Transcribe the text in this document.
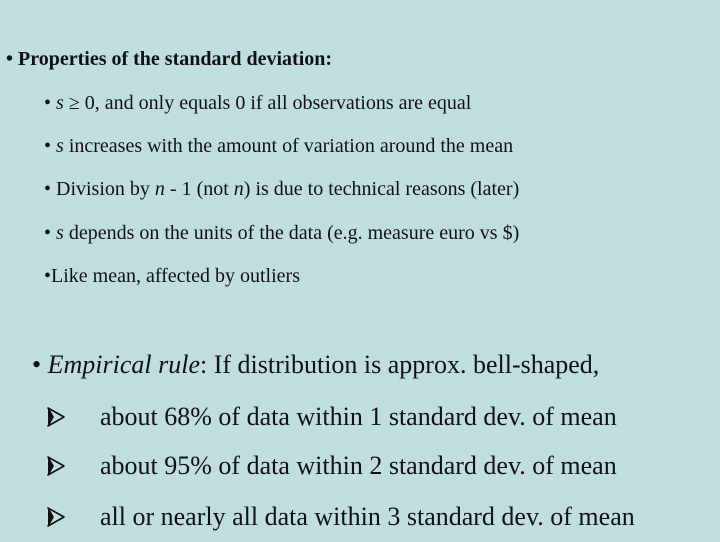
• Properties of the standard deviation:
• s ≥ 0, and only equals 0 if all observations are equal
• s increases with the amount of variation around the mean
• Division by n - 1 (not n) is due to technical reasons (later)
• s depends on the units of the data (e.g. measure euro vs $)
•Like mean, affected by outliers
• Empirical rule: If distribution is approx. bell-shaped,
about 68% of data within 1 standard dev. of mean
about 95% of data within 2 standard dev. of mean
all or nearly all data within 3 standard dev. of mean
